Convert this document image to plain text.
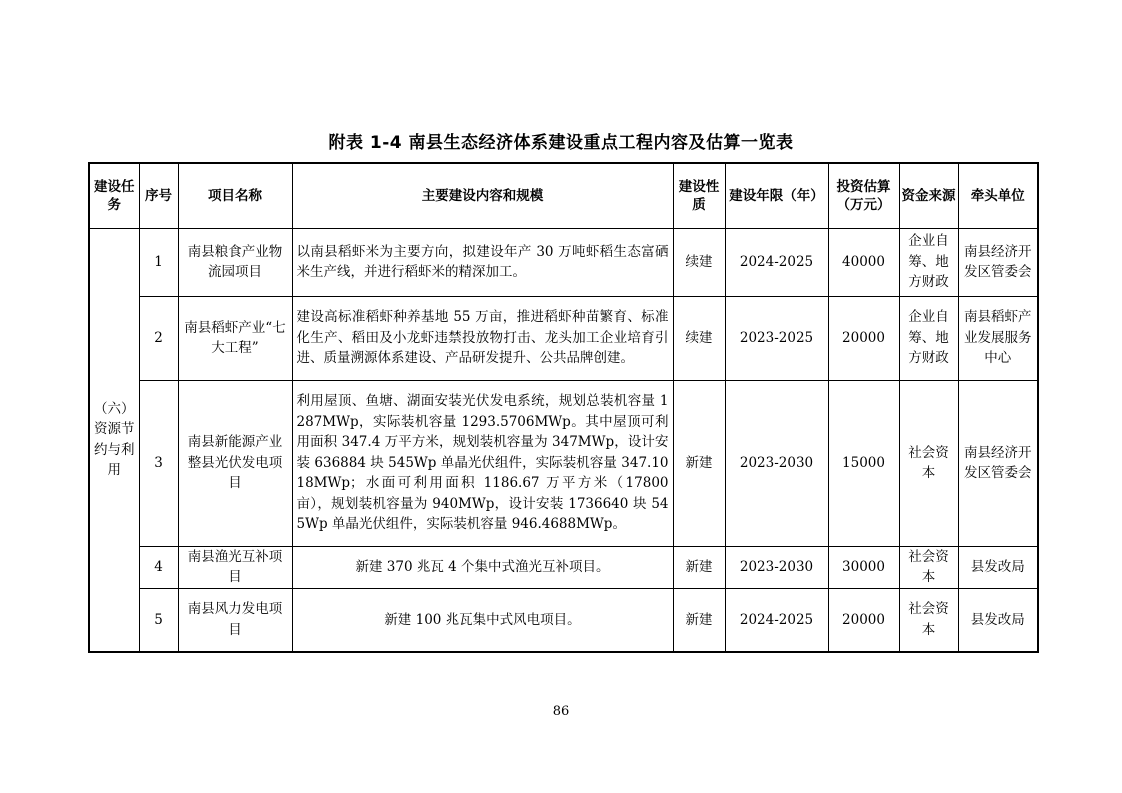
附表 1-4 南县生态经济体系建设重点工程内容及估算一览表
建设任务	序号	项目名称	主要建设内容和规模	建设性质	建设年限（年）	投资估算（万元）	资金来源	牵头单位
（六）资源节约与利用	1	南县粮食产业物流园项目	以南县稻虾米为主要方向，拟建设年产 30 万吨虾稻生态富硒米生产线，并进行稻虾米的精深加工。	续建	2024-2025	40000	企业自筹、地方财政	南县经济开发区管委会
	2	南县稻虾产业“七大工程”	建设高标准稻虾种养基地 55 万亩，推进稻虾种苗繁育、标准化生产、稻田及小龙虾违禁投放物打击、龙头加工企业培育引进、质量溯源体系建设、产品研发提升、公共品牌创建。	续建	2023-2025	20000	企业自筹、地方财政	南县稻虾产业发展服务中心
	3	南县新能源产业整县光伏发电项目	利用屋顶、鱼塘、湖面安装光伏发电系统，规划总装机容量 1287MWp，实际装机容量 1293.5706MWp。其中屋顶可利用面积 347.4 万平方米，规划装机容量为 347MWp，设计安装 636884 块 545Wp 单晶光伏组件，实际装机容量 347.1018MWp；水面可利用面积 1186.67 万平方米（17800 亩），规划装机容量为 940MWp，设计安装 1736640 块 545Wp 单晶光伏组件，实际装机容量 946.4688MWp。	新建	2023-2030	15000	社会资本	南县经济开发区管委会
	4	南县渔光互补项目	新建 370 兆瓦 4 个集中式渔光互补项目。	新建	2023-2030	30000	社会资本	县发改局
	5	南县风力发电项目	新建 100 兆瓦集中式风电项目。	新建	2024-2025	20000	社会资本	县发改局
86
